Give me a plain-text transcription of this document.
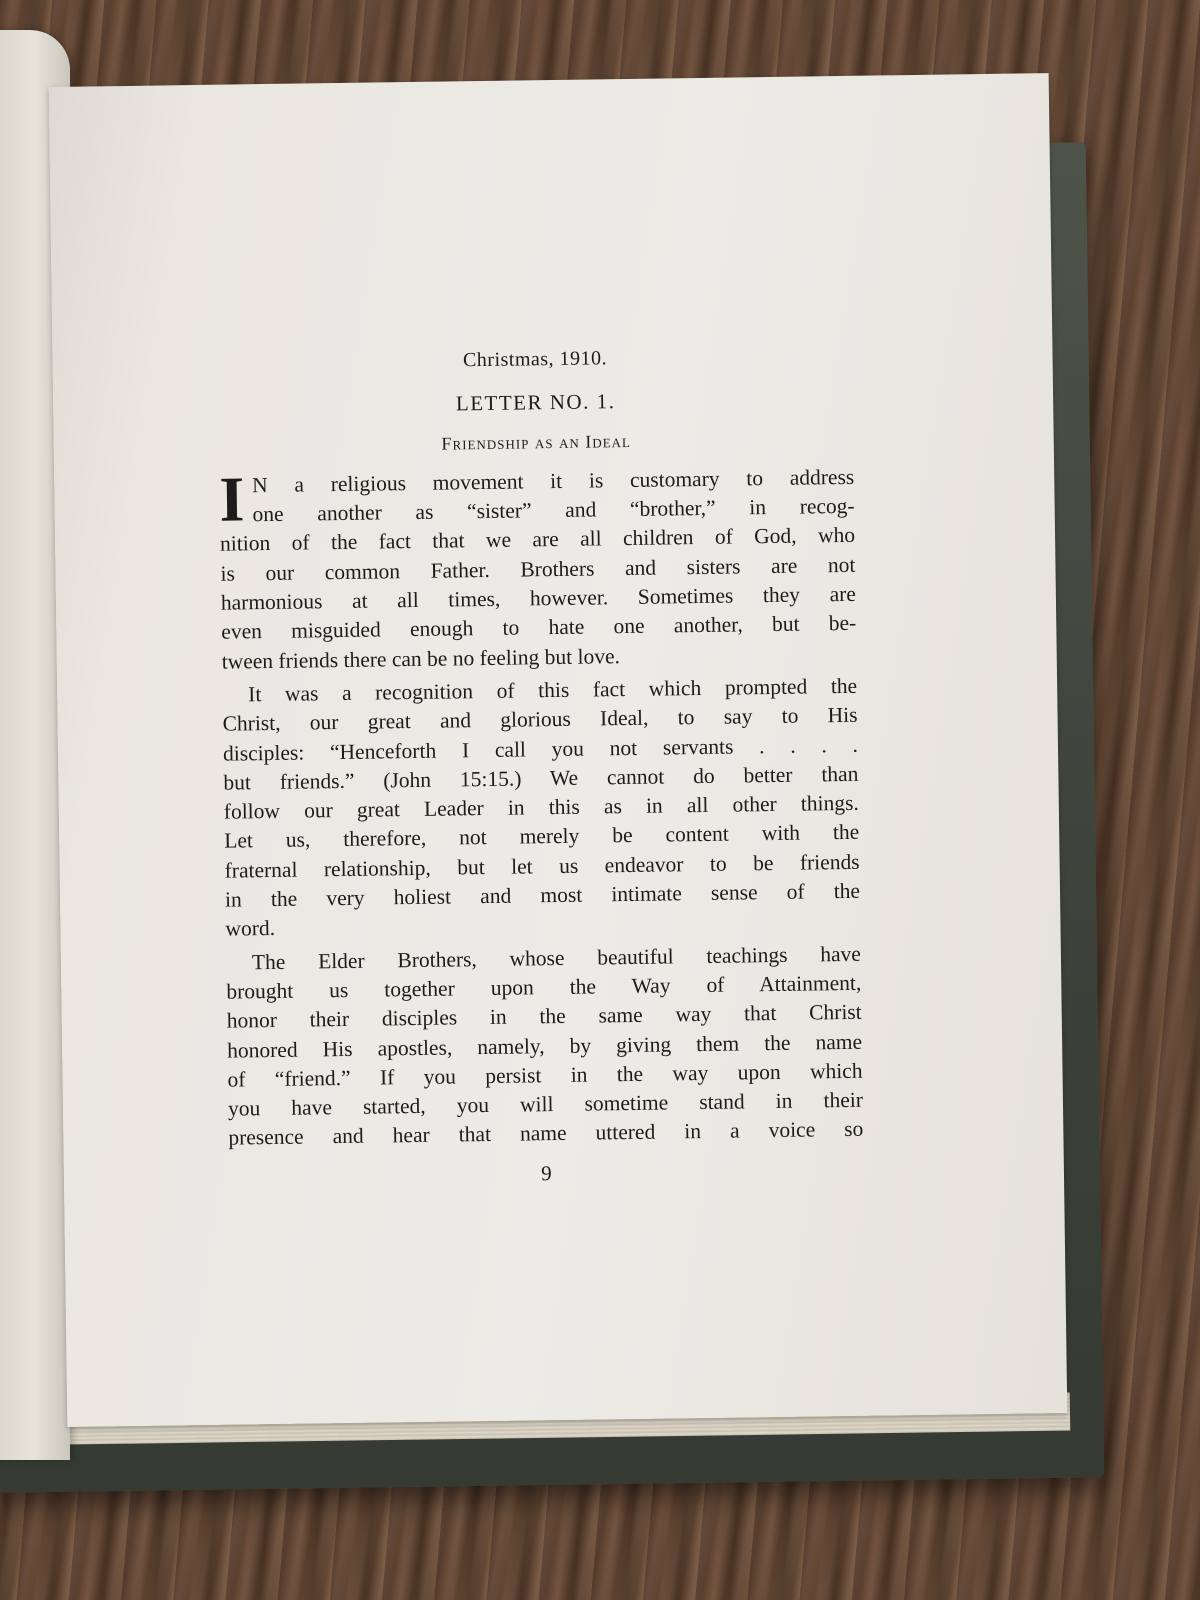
Christmas, 1910.
LETTER NO. 1.
Friendship as an Ideal
I N a religious movement it is customary to address
one another as “sister” and “brother,” in recog-
nition of the fact that we are all children of God, who
is our common Father. Brothers and sisters are not
harmonious at all times, however. Sometimes they are
even misguided enough to hate one another, but be-
tween friends there can be no feeling but love.
It was a recognition of this fact which prompted the
Christ, our great and glorious Ideal, to say to His
disciples: “Henceforth I call you not servants . . . .
but friends.” (John 15:15.) We cannot do better than
follow our great Leader in this as in all other things.
Let us, therefore, not merely be content with the
fraternal relationship, but let us endeavor to be friends
in the very holiest and most intimate sense of the
word.
The Elder Brothers, whose beautiful teachings have
brought us together upon the Way of Attainment,
honor their disciples in the same way that Christ
honored His apostles, namely, by giving them the name
of “friend.” If you persist in the way upon which
you have started, you will sometime stand in their
presence and hear that name uttered in a voice so
9
